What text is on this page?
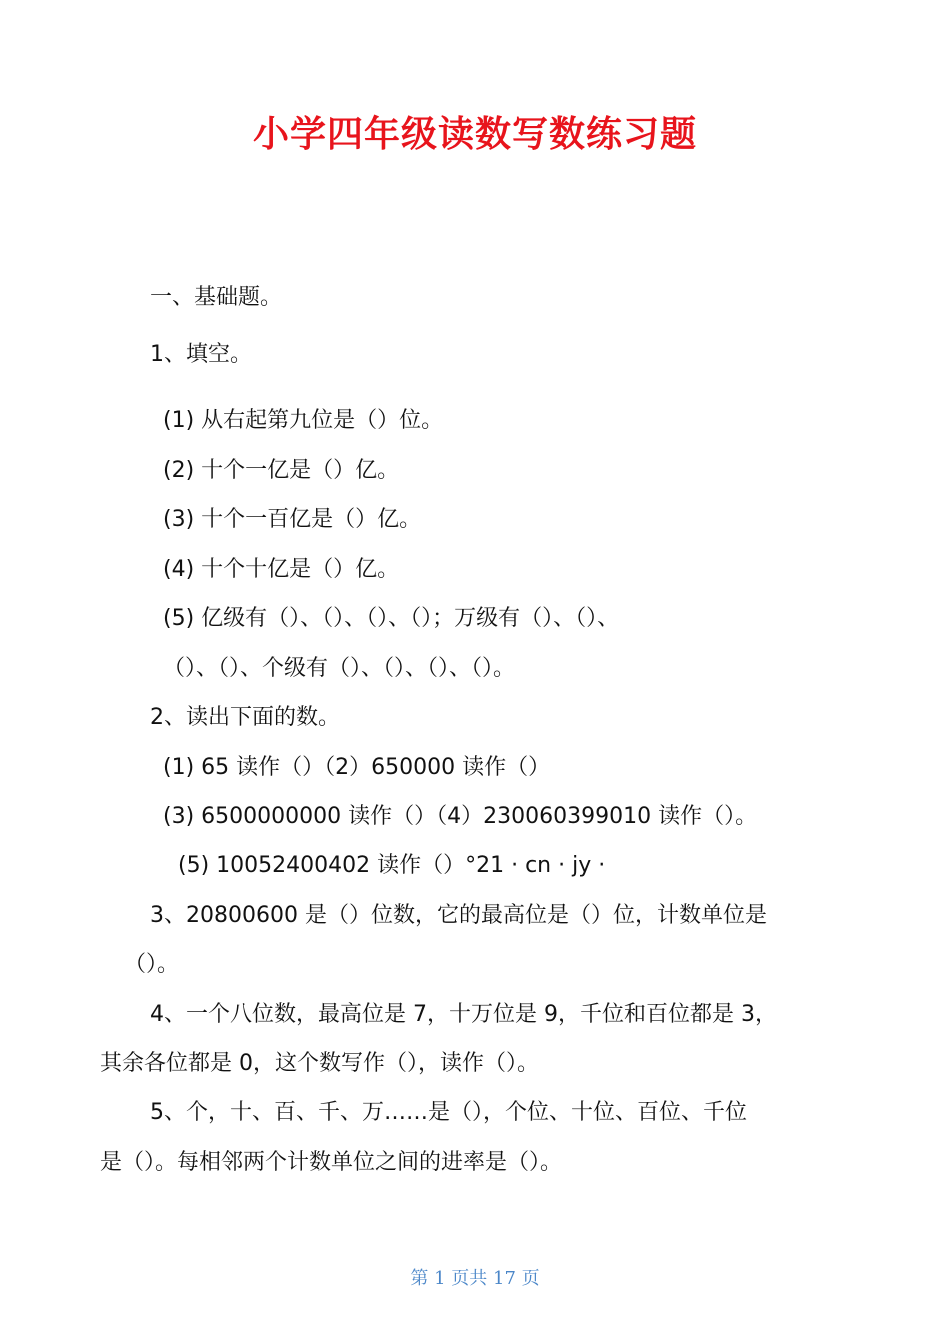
小学四年级读数写数练习题
一、基础题。
1、填空。
(1) 从右起第九位是（）位。
(2) 十个一亿是（）亿。
(3) 十个一百亿是（）亿。
(4) 十个十亿是（）亿。
(5) 亿级有（）、（）、（）、（）；万级有（）、（）、
（）、（）、个级有（）、（）、（）、（）。
2、读出下面的数。
(1) 65 读作（）（2）650000 读作（）
(3) 6500000000 读作（）（4）230060399010 读作（）。
(5) 10052400402 读作（）°21 · cn · jy ·
3、20800600 是（）位数，它的最高位是（）位，计数单位是
（）。
4、一个八位数，最高位是 7，十万位是 9，千位和百位都是 3，
其余各位都是 0，这个数写作（），读作（）。
5、个，十、百、千、万……是（），个位、十位、百位、千位
是（）。每相邻两个计数单位之间的进率是（）。
第 1 页共 17 页
